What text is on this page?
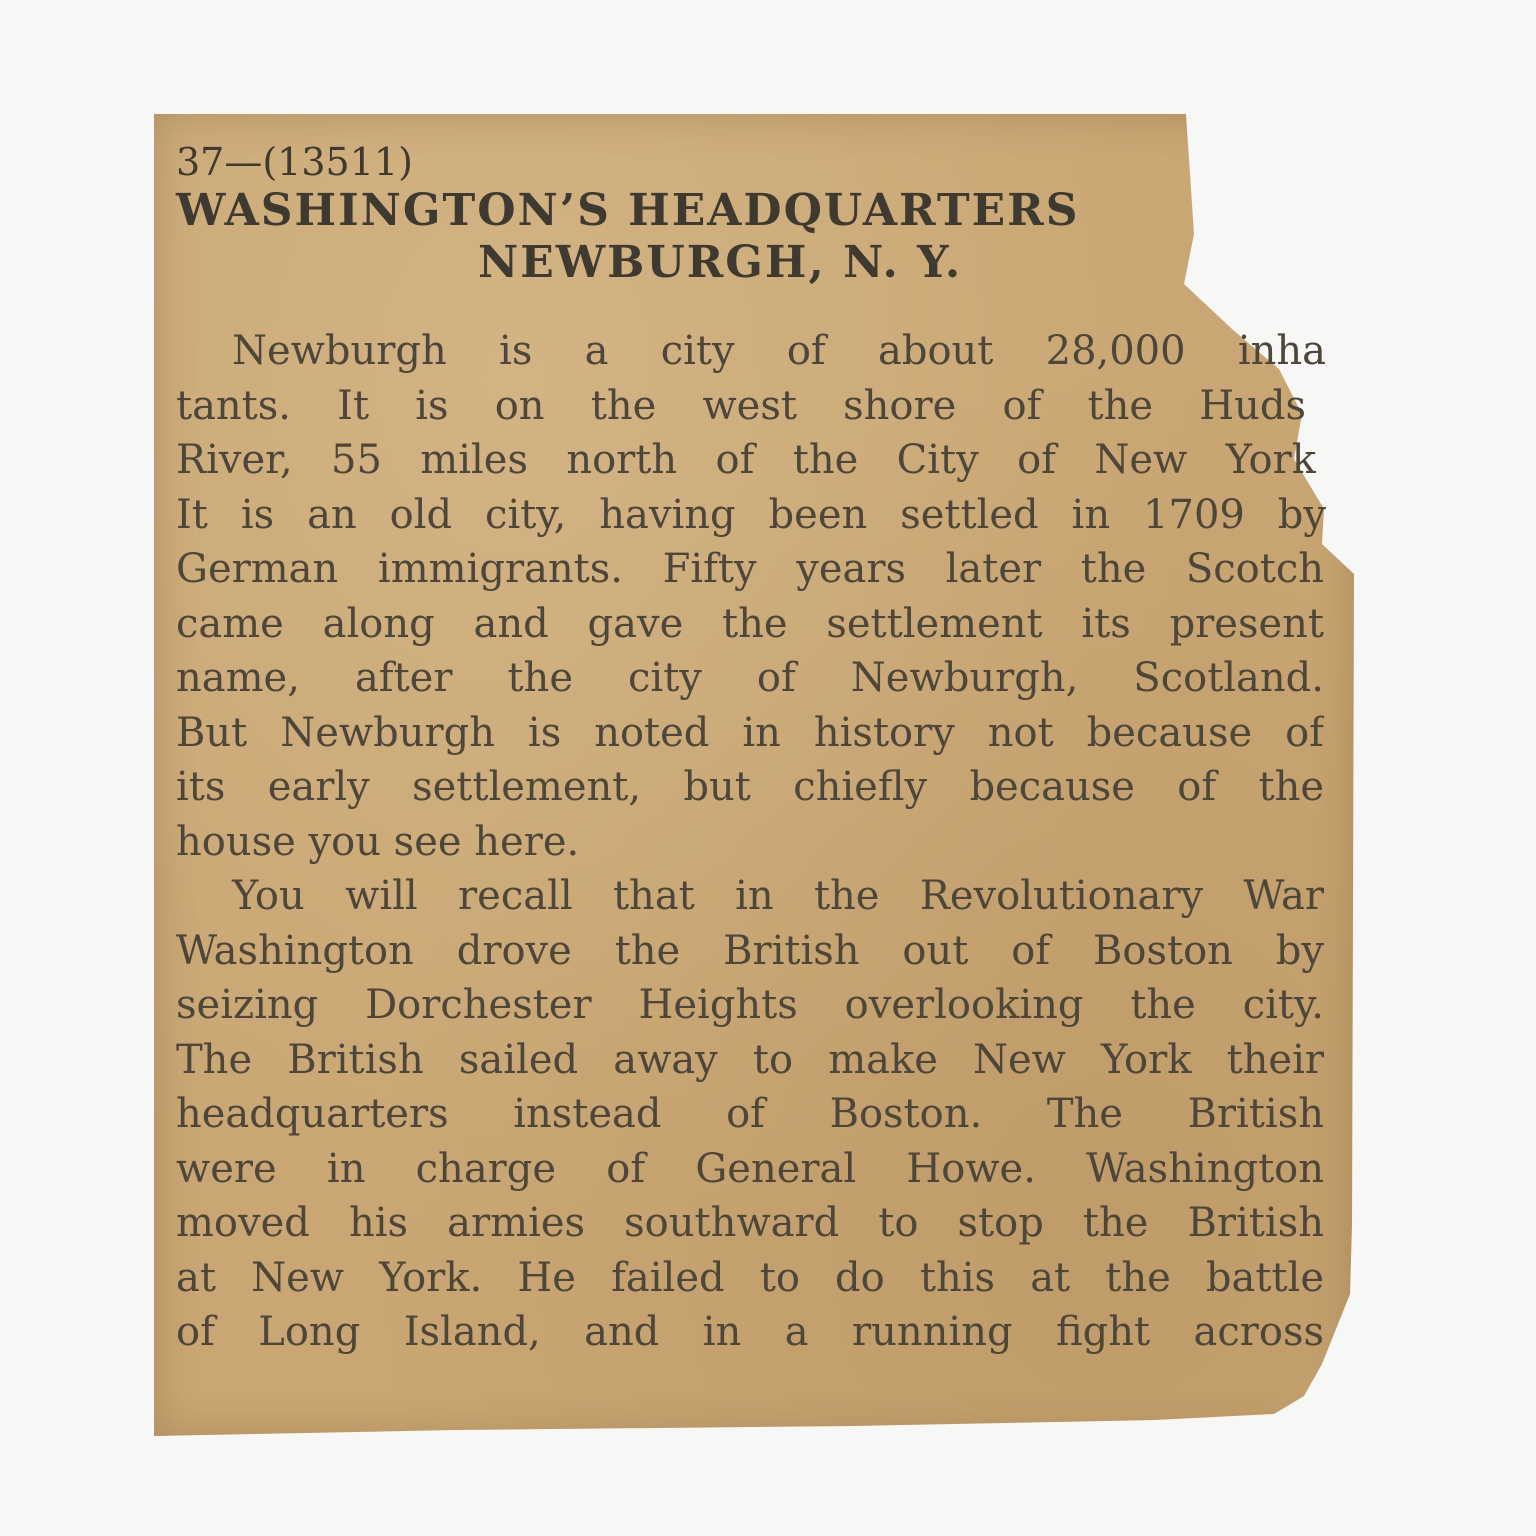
37—(13511)
WASHINGTON’S HEADQUARTERS
NEWBURGH, N. Y.
Newburgh is a city of about 28,000 inha
tants. It is on the west shore of the Huds
River, 55 miles north of the City of New York
It is an old city, having been settled in 1709 by
German immigrants. Fifty years later the Scotch
came along and gave the settlement its present
name, after the city of Newburgh, Scotland.
But Newburgh is noted in history not because of
its early settlement, but chiefly because of the
house you see here.
You will recall that in the Revolutionary War
Washington drove the British out of Boston by
seizing Dorchester Heights overlooking the city.
The British sailed away to make New York their
headquarters instead of Boston. The British
were in charge of General Howe. Washington
moved his armies southward to stop the British
at New York. He failed to do this at the battle
of Long Island, and in a running fight across
